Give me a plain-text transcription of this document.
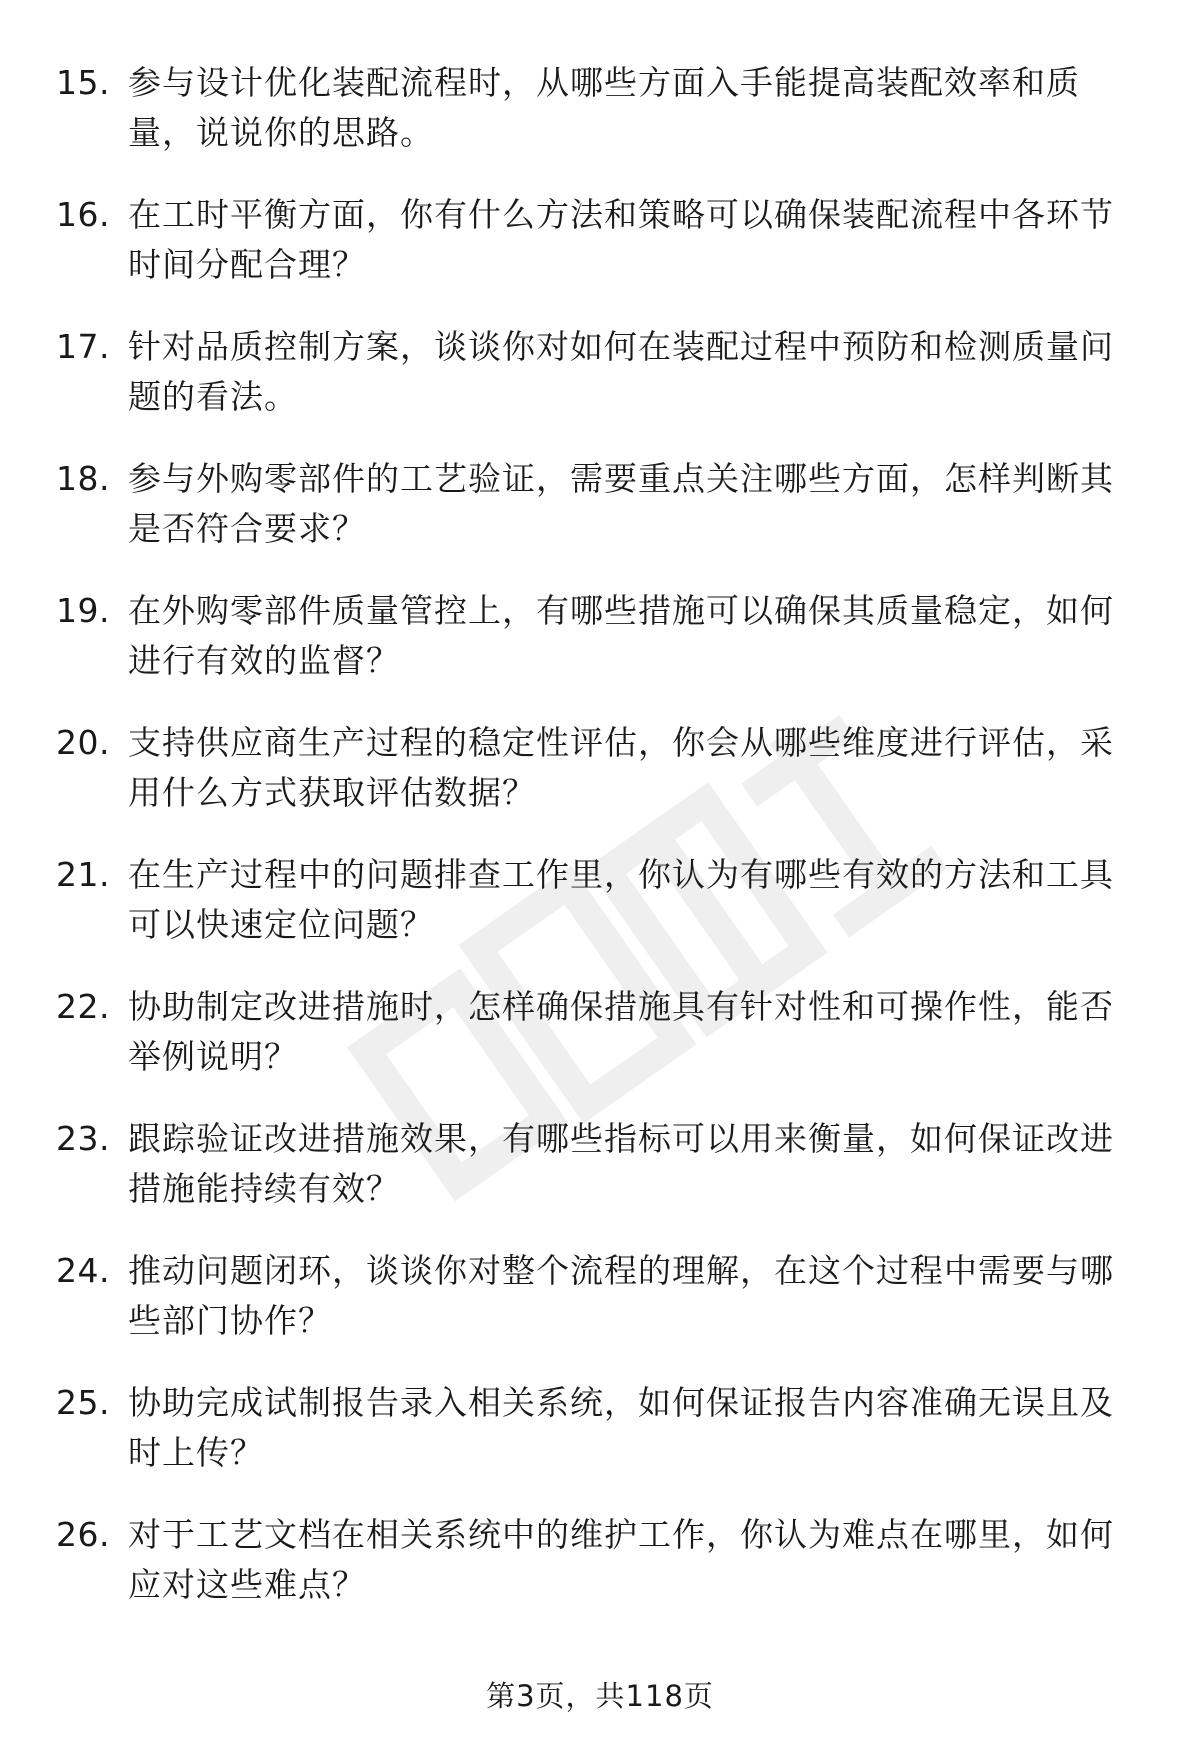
15. 参与设计优化装配流程时，从哪些方面入手能提高装配效率和质量，说说你的思路。
16. 在工时平衡方面，你有什么方法和策略可以确保装配流程中各环节时间分配合理？
17. 针对品质控制方案，谈谈你对如何在装配过程中预防和检测质量问题的看法。
18. 参与外购零部件的工艺验证，需要重点关注哪些方面，怎样判断其是否符合要求？
19. 在外购零部件质量管控上，有哪些措施可以确保其质量稳定，如何进行有效的监督？
20. 支持供应商生产过程的稳定性评估，你会从哪些维度进行评估，采用什么方式获取评估数据？
21. 在生产过程中的问题排查工作里，你认为有哪些有效的方法和工具可以快速定位问题？
22. 协助制定改进措施时，怎样确保措施具有针对性和可操作性，能否举例说明？
23. 跟踪验证改进措施效果，有哪些指标可以用来衡量，如何保证改进措施能持续有效？
24. 推动问题闭环，谈谈你对整个流程的理解，在这个过程中需要与哪些部门协作？
25. 协助完成试制报告录入相关系统，如何保证报告内容准确无误且及时上传？
26. 对于工艺文档在相关系统中的维护工作，你认为难点在哪里，如何应对这些难点？
第3页，共118页
